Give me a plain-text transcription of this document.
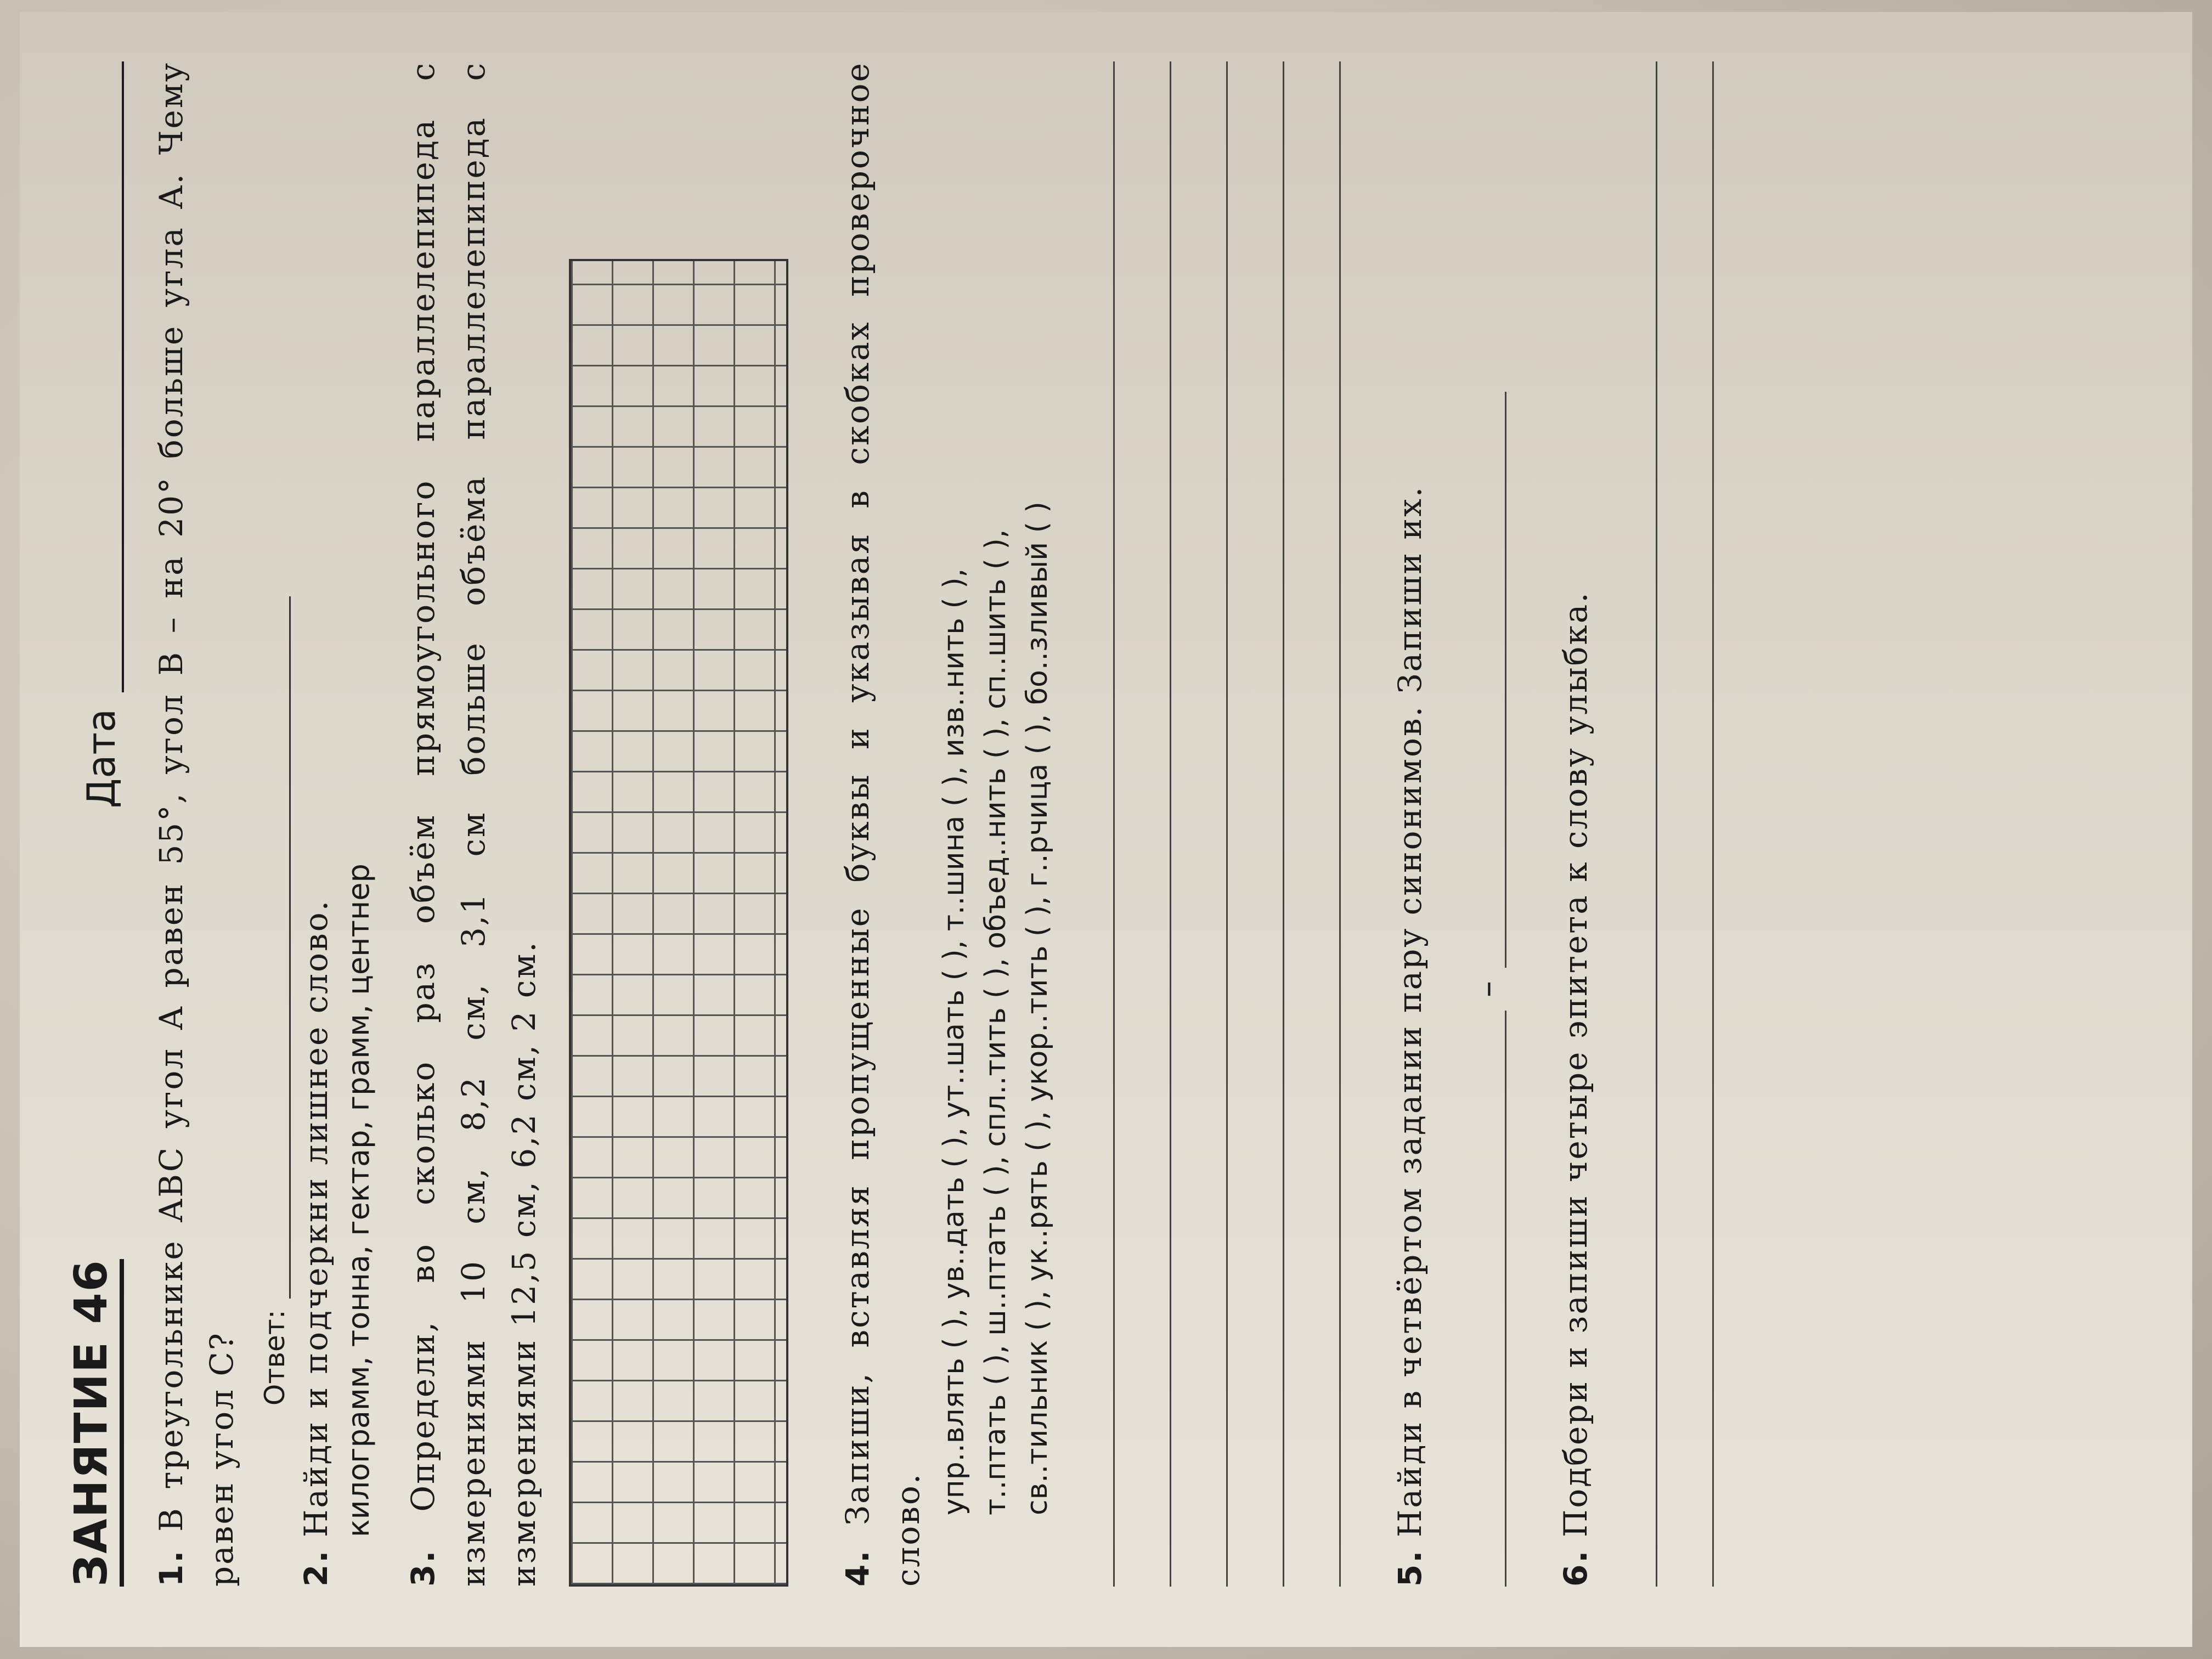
ЗАНЯТИЕ 46
Дата
1. В треугольнике ABC угол A равен 55°, угол B – на 20° больше угла A. Чему равен угол C? Ответ:
2. Найди и подчеркни лишнее слово. килограмм, тонна, гектар, грамм, центнер
3. Определи, во сколько раз объём прямоугольного параллелепипеда с измерениями 10 см, 8,2 см, 3,1 см больше объёма параллелепипеда с измерениями 12,5 см, 6,2 см, 2 см.	4. Запиши, вставляя пропущенные буквы и указывая в скобках проверочное слово.
упр..влять ( ), ув..дать ( ), ут..шать ( ), т..шина ( ), изв..нить ( ), т..птать ( ), ш..птать ( ), спл..тить ( ), объед..нить ( ), сп..шить ( ), св..тильник ( ), ук..рять ( ), укор..тить ( ), г..рчица ( ), бо..зливый ( )
5. Найди в четвёртом задании пару синонимов. Запиши их. –
6. Подбери и запиши четыре эпитета к слову улыбка.
